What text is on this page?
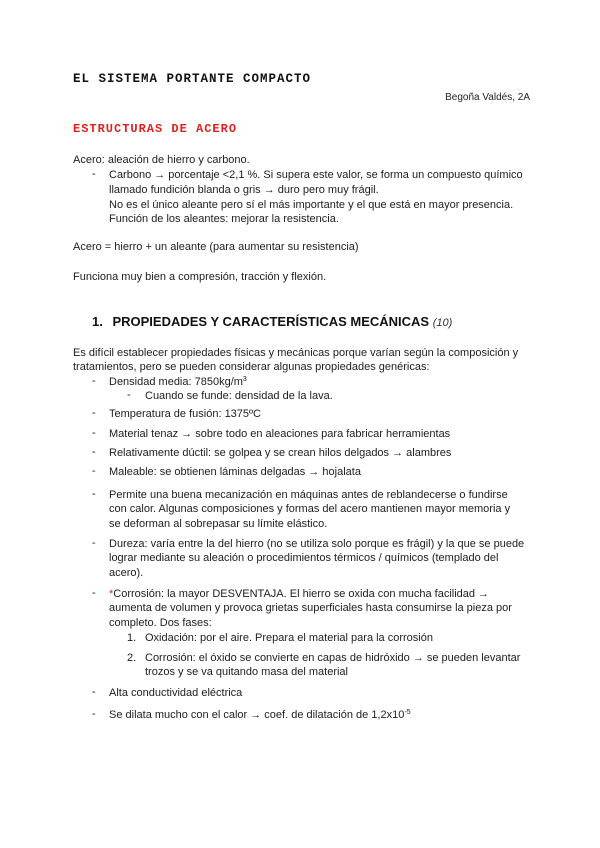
EL SISTEMA PORTANTE COMPACTO
Begoña Valdés, 2A
ESTRUCTURAS DE ACERO
Acero: aleación de hierro y carbono.
- Carbono → porcentaje <2,1 %. Si supera este valor, se forma un compuesto químico
llamado fundición blanda o gris → duro pero muy frágil.
No es el único aleante pero sí el más importante y el que está en mayor presencia.
Función de los aleantes: mejorar la resistencia.
Acero = hierro + un aleante (para aumentar su resistencia)
Funciona muy bien a compresión, tracción y flexión.
1. PROPIEDADES Y CARACTERÍSTICAS MECÁNICAS (10)
Es difícil establecer propiedades físicas y mecánicas porque varían según la composición y
tratamientos, pero se pueden considerar algunas propiedades genéricas:
- Densidad media: $7850kg/m^3$
- Cuando se funde: densidad de la lava.
- Temperatura de fusión: 1375ºC
- Material tenaz → sobre todo en aleaciones para fabricar herramientas
- Relativamente dúctil: se golpea y se crean hilos delgados → alambres
- Maleable: se obtienen láminas delgadas → hojalata
- Permite una buena mecanización en máquinas antes de reblandecerse o fundirse
con calor. Algunas composiciones y formas del acero mantienen mayor memoria y
se deforman al sobrepasar su límite elástico.
- Dureza: varía entre la del hierro (no se utiliza solo porque es frágil) y la que se puede
lograr mediante su aleación o procedimientos térmicos / químicos (templado del
acero).
- *Corrosión: la mayor DESVENTAJA. El hierro se oxida con mucha facilidad →
aumenta de volumen y provoca grietas superficiales hasta consumirse la pieza por
completo. Dos fases:
1. Oxidación: por el aire. Prepara el material para la corrosión
2. Corrosión: el óxido se convierte en capas de hidróxido → se pueden levantar
trozos y se va quitando masa del material
- Alta conductividad eléctrica
- Se dilata mucho con el calor → coef. de dilatación de $1,2x10^{-5}$
